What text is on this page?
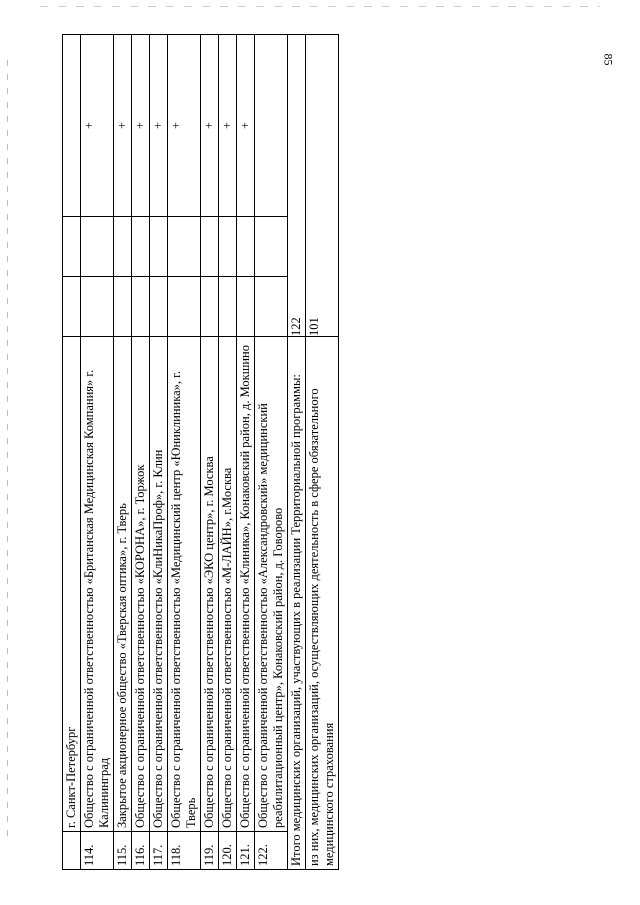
85
	г. Санкт-Петербург			
114.	Общество с ограниченной ответственностью «Британская Медицинская Компания» г. Калининград			+
115.	Закрытое акционерное общество «Тверская оптика», г. Тверь			+
116.	Общество с ограниченной ответственностью «КОРОНА», г. Торжок			+
117.	Общество с ограниченной ответственностью «КлиНикаПроф», г. Клин			+
118.	Общество с ограниченной ответственностью «Медицинский центр «Юниклиника», г. Тверь			+
119.	Общество с ограниченной ответственностью «ЭКО центр», г. Москва			+
120.	Общество с ограниченной ответственностью «М-ЛАЙН», г.Москва			+
121.	Общество с ограниченной ответственностью «Клиника», Конаковский район, д. Мокшино			+
122.	Общество с ограниченной ответственностью «Александровский» медицинский реабилитационный центр», Конаковский район, д. Говорово			
Итого медицинских организаций, участвующих в реализации Территориальной программы:		122		
из них, медицинских организаций, осуществляющих деятельность в сфере обязательного медицинского страхования		101		
